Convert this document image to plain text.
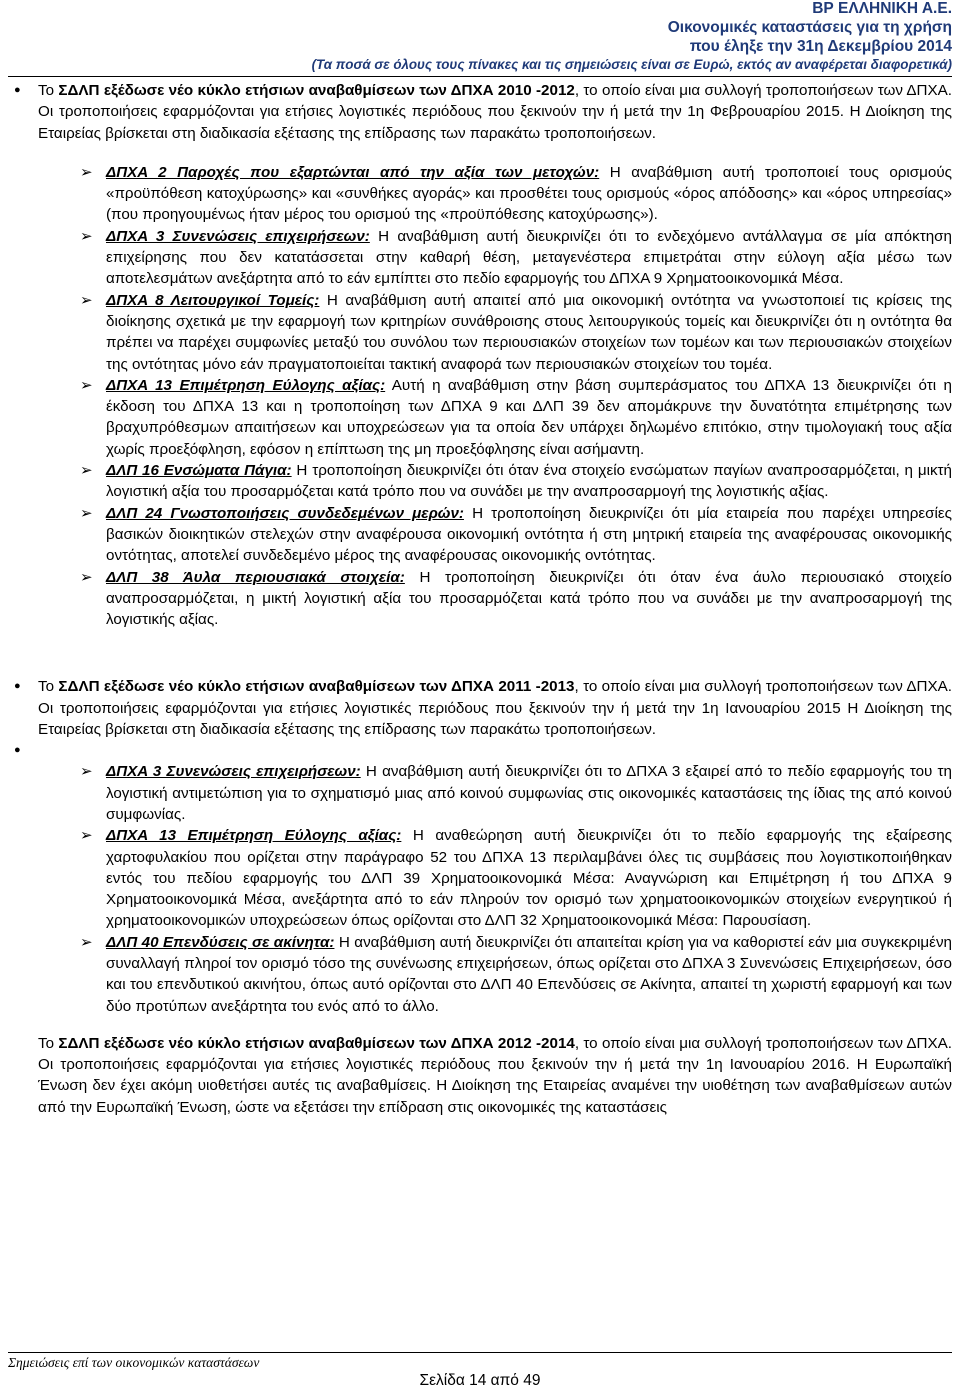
ΒΡ ΕΛΛΗΝΙΚΗ Α.Ε.
Οικονομικές καταστάσεις για τη χρήση
που έληξε την 31η Δεκεμβρίου 2014
(Τα ποσά σε όλους τους πίνακες και τις σημειώσεις είναι σε Ευρώ, εκτός αν αναφέρεται διαφορετικά)
● Το ΣΔΛΠ εξέδωσε νέο κύκλο ετήσιων αναβαθμίσεων των ΔΠΧΑ 2010 -2012, το οποίο είναι μια συλλογή τροποποιήσεων των ΔΠΧΑ. Οι τροποποιήσεις εφαρμόζονται για ετήσιες λογιστικές περιόδους που ξεκινούν την ή μετά την 1η Φεβρουαρίου 2015. Η Διοίκηση της Εταιρείας βρίσκεται στη διαδικασία εξέτασης της επίδρασης των παρακάτω τροποποιήσεων.
➢ ΔΠΧΑ 2 Παροχές που εξαρτώνται από την αξία των μετοχών: Η αναβάθμιση αυτή τροποποιεί τους ορισμούς «προϋπόθεση κατοχύρωσης» και «συνθήκες αγοράς» και προσθέτει τους ορισμούς «όρος απόδοσης» και «όρος υπηρεσίας» (που προηγουμένως ήταν μέρος του ορισμού της «προϋπόθεσης κατοχύρωσης»).
➢ ΔΠΧΑ 3 Συνενώσεις επιχειρήσεων: Η αναβάθμιση αυτή διευκρινίζει ότι το ενδεχόμενο αντάλλαγμα σε μία απόκτηση επιχείρησης που δεν κατατάσσεται στην καθαρή θέση, μεταγενέστερα επιμετράται στην εύλογη αξία μέσω των αποτελεσμάτων ανεξάρτητα από το εάν εμπίπτει στο πεδίο εφαρμογής του ΔΠΧΑ 9 Χρηματοοικονομικά Μέσα.
➢ ΔΠΧΑ 8 Λειτουργικοί Τομείς: Η αναβάθμιση αυτή απαιτεί από μια οικονομική οντότητα να γνωστοποιεί τις κρίσεις της διοίκησης σχετικά με την εφαρμογή των κριτηρίων συνάθροισης στους λειτουργικούς τομείς και διευκρινίζει ότι η οντότητα θα πρέπει να παρέχει συμφωνίες μεταξύ του συνόλου των περιουσιακών στοιχείων των τομέων και των περιουσιακών στοιχείων της οντότητας μόνο εάν πραγματοποιείται τακτική αναφορά των περιουσιακών στοιχείων του τομέα.
➢ ΔΠΧΑ 13 Επιμέτρηση Εύλογης αξίας: Αυτή η αναβάθμιση στην βάση συμπεράσματος του ΔΠΧΑ 13 διευκρινίζει ότι η έκδοση του ΔΠΧΑ 13 και η τροποποίηση των ΔΠΧΑ 9 και ΔΛΠ 39 δεν απομάκρυνε την δυνατότητα επιμέτρησης των βραχυπρόθεσμων απαιτήσεων και υποχρεώσεων για τα οποία δεν υπάρχει δηλωμένο επιτόκιο, στην τιμολογιακή τους αξία χωρίς προεξόφληση, εφόσον η επίπτωση της μη προεξόφλησης είναι ασήμαντη.
➢ ΔΛΠ 16 Ενσώματα Πάγια: Η τροποποίηση διευκρινίζει ότι όταν ένα στοιχείο ενσώματων παγίων αναπροσαρμόζεται, η μικτή λογιστική αξία του προσαρμόζεται κατά τρόπο που να συνάδει με την αναπροσαρμογή της λογιστικής αξίας.
➢ ΔΛΠ 24 Γνωστοποιήσεις συνδεδεμένων μερών: Η τροποποίηση διευκρινίζει ότι μία εταιρεία που παρέχει υπηρεσίες βασικών διοικητικών στελεχών στην αναφέρουσα οικονομική οντότητα ή στη μητρική εταιρεία της αναφέρουσας οικονομικής οντότητας, αποτελεί συνδεδεμένο μέρος της αναφέρουσας οικονομικής οντότητας.
➢ ΔΛΠ 38 Άυλα περιουσιακά στοιχεία: Η τροποποίηση διευκρινίζει ότι όταν ένα άυλο περιουσιακό στοιχείο αναπροσαρμόζεται, η μικτή λογιστική αξία του προσαρμόζεται κατά τρόπο που να συνάδει με την αναπροσαρμογή της λογιστικής αξίας.
● Το ΣΔΛΠ εξέδωσε νέο κύκλο ετήσιων αναβαθμίσεων των ΔΠΧΑ 2011 -2013, το οποίο είναι μια συλλογή τροποποιήσεων των ΔΠΧΑ. Οι τροποποιήσεις εφαρμόζονται για ετήσιες λογιστικές περιόδους που ξεκινούν την ή μετά την 1η Ιανουαρίου 2015 Η Διοίκηση της Εταιρείας βρίσκεται στη διαδικασία εξέτασης της επίδρασης των παρακάτω τροποποιήσεων.
●
➢ ΔΠΧΑ 3 Συνενώσεις επιχειρήσεων: Η αναβάθμιση αυτή διευκρινίζει ότι το ΔΠΧΑ 3 εξαιρεί από το πεδίο εφαρμογής του τη λογιστική αντιμετώπιση για το σχηματισμό μιας από κοινού συμφωνίας στις οικονομικές καταστάσεις της ίδιας της από κοινού συμφωνίας.
➢ ΔΠΧΑ 13 Επιμέτρηση Εύλογης αξίας: Η αναθεώρηση αυτή διευκρινίζει ότι το πεδίο εφαρμογής της εξαίρεσης χαρτοφυλακίου που ορίζεται στην παράγραφο 52 του ΔΠΧΑ 13 περιλαμβάνει όλες τις συμβάσεις που λογιστικοποιήθηκαν εντός του πεδίου εφαρμογής του ΔΛΠ 39 Χρηματοοικονομικά Μέσα: Αναγνώριση και Επιμέτρηση ή του ΔΠΧΑ 9 Χρηματοοικονομικά Μέσα, ανεξάρτητα από το εάν πληρούν τον ορισμό των χρηματοοικονομικών στοιχείων ενεργητικού ή χρηματοοικονομικών υποχρεώσεων όπως ορίζονται στο ΔΛΠ 32 Χρηματοοικονομικά Μέσα: Παρουσίαση.
➢ ΔΛΠ 40 Επενδύσεις σε ακίνητα: Η αναβάθμιση αυτή διευκρινίζει ότι απαιτείται κρίση για να καθοριστεί εάν μια συγκεκριμένη συναλλαγή πληροί τον ορισμό τόσο της συνένωσης επιχειρήσεων, όπως ορίζεται στο ΔΠΧΑ 3 Συνενώσεις Επιχειρήσεων, όσο και του επενδυτικού ακινήτου, όπως αυτό ορίζονται στο ΔΛΠ 40 Επενδύσεις σε Ακίνητα, απαιτεί τη χωριστή εφαρμογή και των δύο προτύπων ανεξάρτητα του ενός από το άλλο.
Το ΣΔΛΠ εξέδωσε νέο κύκλο ετήσιων αναβαθμίσεων των ΔΠΧΑ 2012 -2014, το οποίο είναι μια συλλογή τροποποιήσεων των ΔΠΧΑ. Οι τροποποιήσεις εφαρμόζονται για ετήσιες λογιστικές περιόδους που ξεκινούν την ή μετά την 1η Ιανουαρίου 2016. Η Ευρωπαϊκή Ένωση δεν έχει ακόμη υιοθετήσει αυτές τις αναβαθμίσεις. Η Διοίκηση της Εταιρείας αναμένει την υιοθέτηση των αναβαθμίσεων αυτών από την Ευρωπαϊκή Ένωση, ώστε να εξετάσει την επίδραση στις οικονομικές της καταστάσεις
Σημειώσεις επί των οικονομικών καταστάσεων
Σελίδα 14 από 49
